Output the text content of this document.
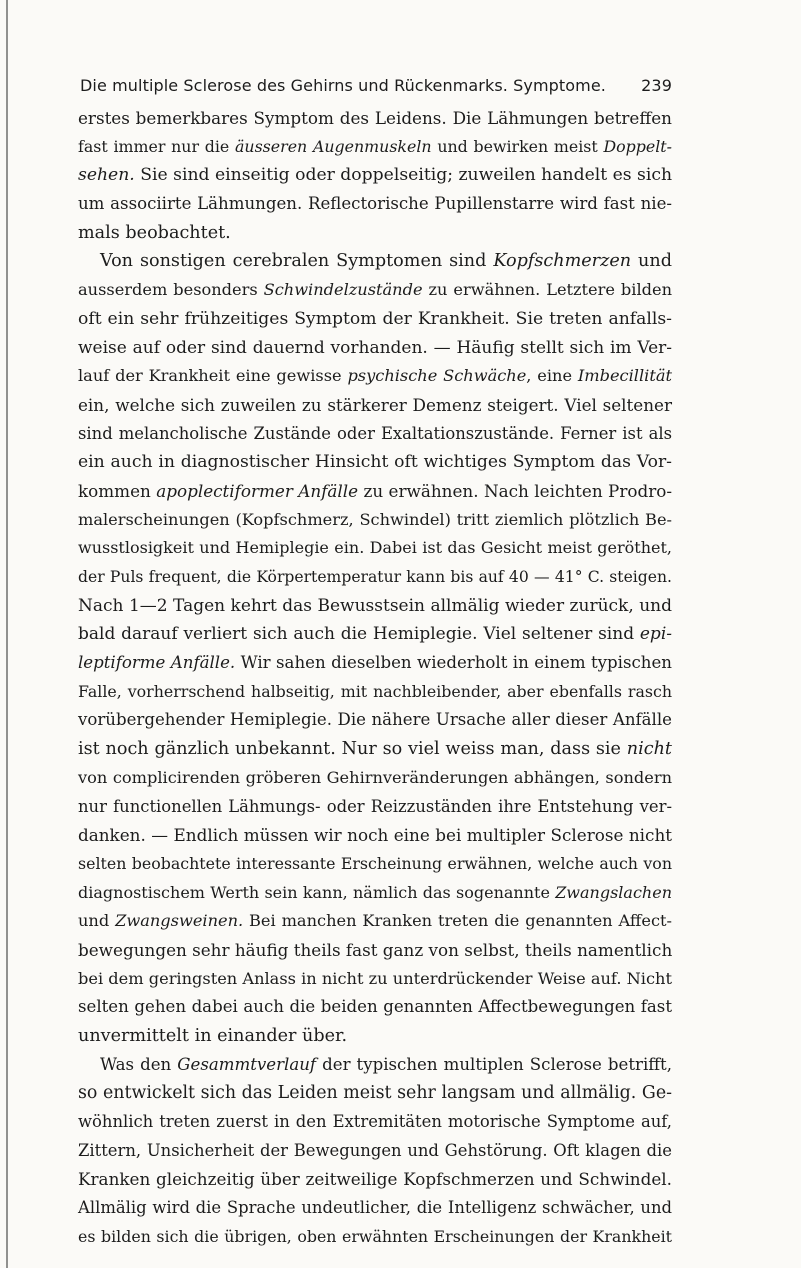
Die multiple Sclerose des Gehirns und Rückenmarks. Symptome. 239
erstes bemerkbares Symptom des Leidens. Die Lähmungen betreffen
fast immer nur die äusseren Augenmuskeln und bewirken meist Doppelt-
sehen. Sie sind einseitig oder doppelseitig; zuweilen handelt es sich
um associirte Lähmungen. Reflectorische Pupillenstarre wird fast nie-
mals beobachtet.
Von sonstigen cerebralen Symptomen sind Kopfschmerzen und
ausserdem besonders Schwindelzustände zu erwähnen. Letztere bilden
oft ein sehr frühzeitiges Symptom der Krankheit. Sie treten anfalls-
weise auf oder sind dauernd vorhanden. — Häufig stellt sich im Ver-
lauf der Krankheit eine gewisse psychische Schwäche, eine Imbecillität
ein, welche sich zuweilen zu stärkerer Demenz steigert. Viel seltener
sind melancholische Zustände oder Exaltationszustände. Ferner ist als
ein auch in diagnostischer Hinsicht oft wichtiges Symptom das Vor-
kommen apoplectiformer Anfälle zu erwähnen. Nach leichten Prodro-
malerscheinungen (Kopfschmerz, Schwindel) tritt ziemlich plötzlich Be-
wusstlosigkeit und Hemiplegie ein. Dabei ist das Gesicht meist geröthet,
der Puls frequent, die Körpertemperatur kann bis auf 40 — 41° C. steigen.
Nach 1—2 Tagen kehrt das Bewusstsein allmälig wieder zurück, und
bald darauf verliert sich auch die Hemiplegie. Viel seltener sind epi-
leptiforme Anfälle. Wir sahen dieselben wiederholt in einem typischen
Falle, vorherrschend halbseitig, mit nachbleibender, aber ebenfalls rasch
vorübergehender Hemiplegie. Die nähere Ursache aller dieser Anfälle
ist noch gänzlich unbekannt. Nur so viel weiss man, dass sie nicht
von complicirenden gröberen Gehirnveränderungen abhängen, sondern
nur functionellen Lähmungs- oder Reizzuständen ihre Entstehung ver-
danken. — Endlich müssen wir noch eine bei multipler Sclerose nicht
selten beobachtete interessante Erscheinung erwähnen, welche auch von
diagnostischem Werth sein kann, nämlich das sogenannte Zwangslachen
und Zwangsweinen. Bei manchen Kranken treten die genannten Affect-
bewegungen sehr häufig theils fast ganz von selbst, theils namentlich
bei dem geringsten Anlass in nicht zu unterdrückender Weise auf. Nicht
selten gehen dabei auch die beiden genannten Affectbewegungen fast
unvermittelt in einander über.
Was den Gesammtverlauf der typischen multiplen Sclerose betrifft,
so entwickelt sich das Leiden meist sehr langsam und allmälig. Ge-
wöhnlich treten zuerst in den Extremitäten motorische Symptome auf,
Zittern, Unsicherheit der Bewegungen und Gehstörung. Oft klagen die
Kranken gleichzeitig über zeitweilige Kopfschmerzen und Schwindel.
Allmälig wird die Sprache undeutlicher, die Intelligenz schwächer, und
es bilden sich die übrigen, oben erwähnten Erscheinungen der Krankheit
